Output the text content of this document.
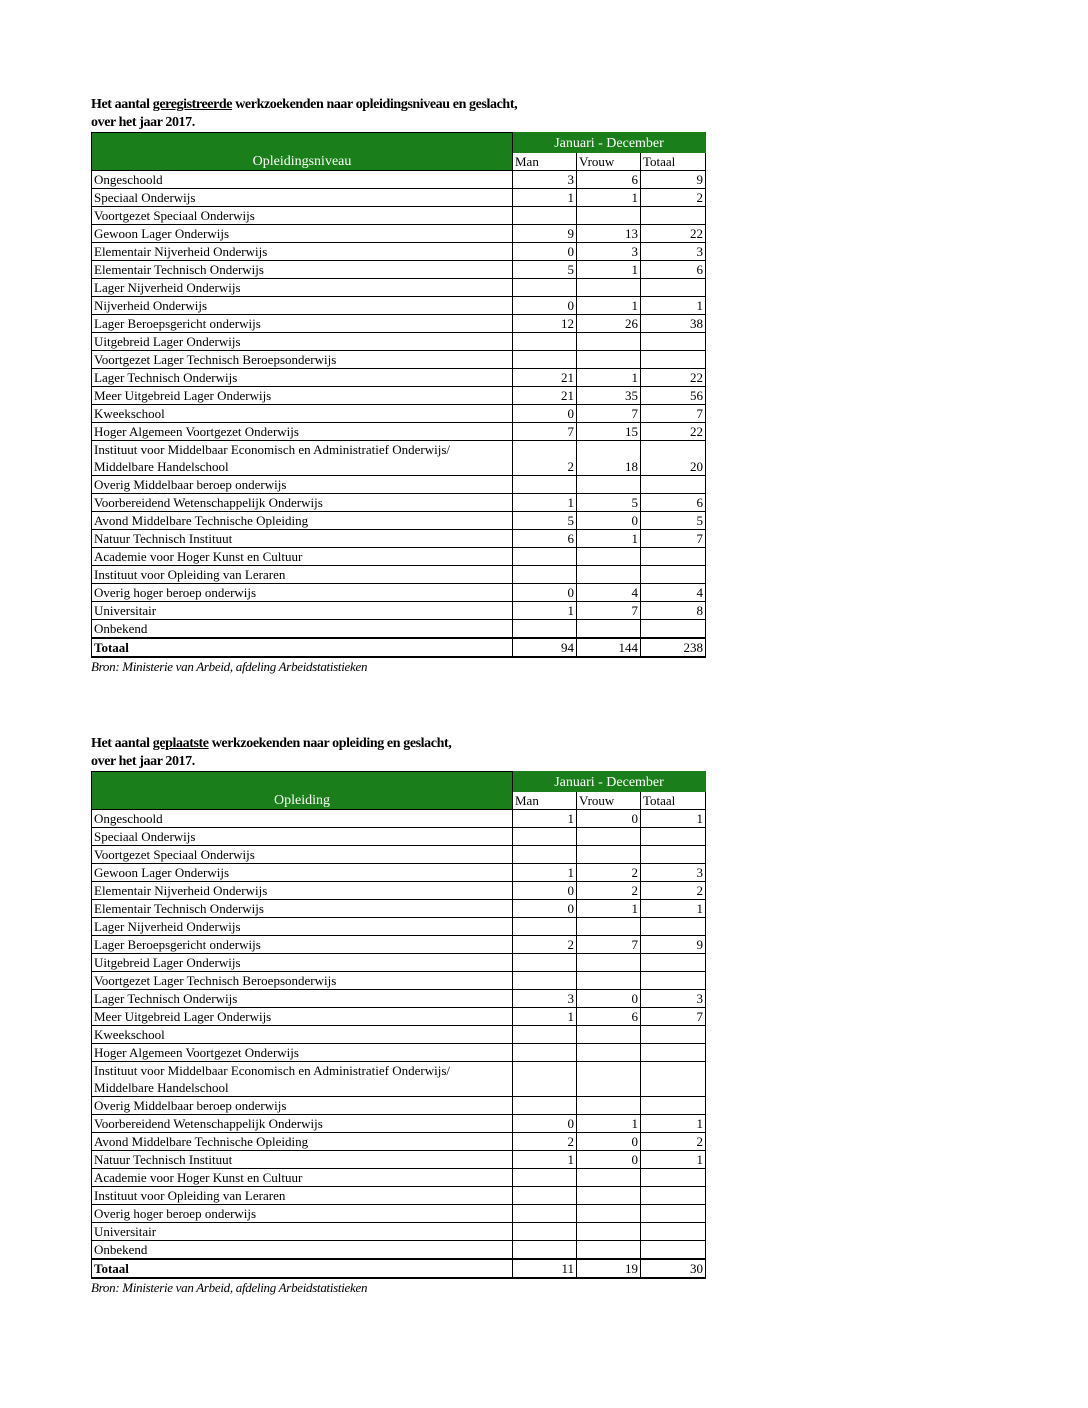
Het aantal geregistreerde werkzoekenden naar opleidingsniveau en geslacht,
over het jaar 2017.

Opleidingsniveau	Januari - December		
	Man	Vrouw	Totaal
Ongeschoold	3	6	9
Speciaal Onderwijs	1	1	2
Voortgezet Speciaal Onderwijs			
Gewoon Lager Onderwijs	9	13	22
Elementair Nijverheid Onderwijs	0	3	3
Elementair Technisch Onderwijs	5	1	6
Lager Nijverheid Onderwijs			
Nijverheid Onderwijs	0	1	1
Lager Beroepsgericht onderwijs	12	26	38
Uitgebreid Lager Onderwijs			
Voortgezet Lager Technisch Beroepsonderwijs			
Lager Technisch Onderwijs	21	1	22
Meer Uitgebreid Lager Onderwijs	21	35	56
Kweekschool	0	7	7
Hoger Algemeen Voortgezet Onderwijs	7	15	22
Instituut voor Middelbaar Economisch en Administratief Onderwijs/
Middelbare Handelschool	2	18	20
Overig Middelbaar beroep onderwijs			
Voorbereidend Wetenschappelijk Onderwijs	1	5	6
Avond Middelbare Technische Opleiding	5	0	5
Natuur Technisch Instituut	6	1	7
Academie voor Hoger Kunst en Cultuur			
Instituut voor Opleiding van Leraren			
Overig hoger beroep onderwijs	0	4	4
Universitair	1	7	8
Onbekend			
Totaal	94	144	238

Bron: Ministerie van Arbeid, afdeling Arbeidstatistieken

Het aantal geplaatste werkzoekenden naar opleiding en geslacht,
over het jaar 2017.

Opleiding	Januari - December		
	Man	Vrouw	Totaal
Ongeschoold	1	0	1
Speciaal Onderwijs			
Voortgezet Speciaal Onderwijs			
Gewoon Lager Onderwijs	1	2	3
Elementair Nijverheid Onderwijs	0	2	2
Elementair Technisch Onderwijs	0	1	1
Lager Nijverheid Onderwijs			
Lager Beroepsgericht onderwijs	2	7	9
Uitgebreid Lager Onderwijs			
Voortgezet Lager Technisch Beroepsonderwijs			
Lager Technisch Onderwijs	3	0	3
Meer Uitgebreid Lager Onderwijs	1	6	7
Kweekschool			
Hoger Algemeen Voortgezet Onderwijs			
Instituut voor Middelbaar Economisch en Administratief Onderwijs/
Middelbare Handelschool			
Overig Middelbaar beroep onderwijs			
Voorbereidend Wetenschappelijk Onderwijs	0	1	1
Avond Middelbare Technische Opleiding	2	0	2
Natuur Technisch Instituut	1	0	1
Academie voor Hoger Kunst en Cultuur			
Instituut voor Opleiding van Leraren			
Overig hoger beroep onderwijs			
Universitair			
Onbekend			
Totaal	11	19	30

Bron: Ministerie van Arbeid, afdeling Arbeidstatistieken
